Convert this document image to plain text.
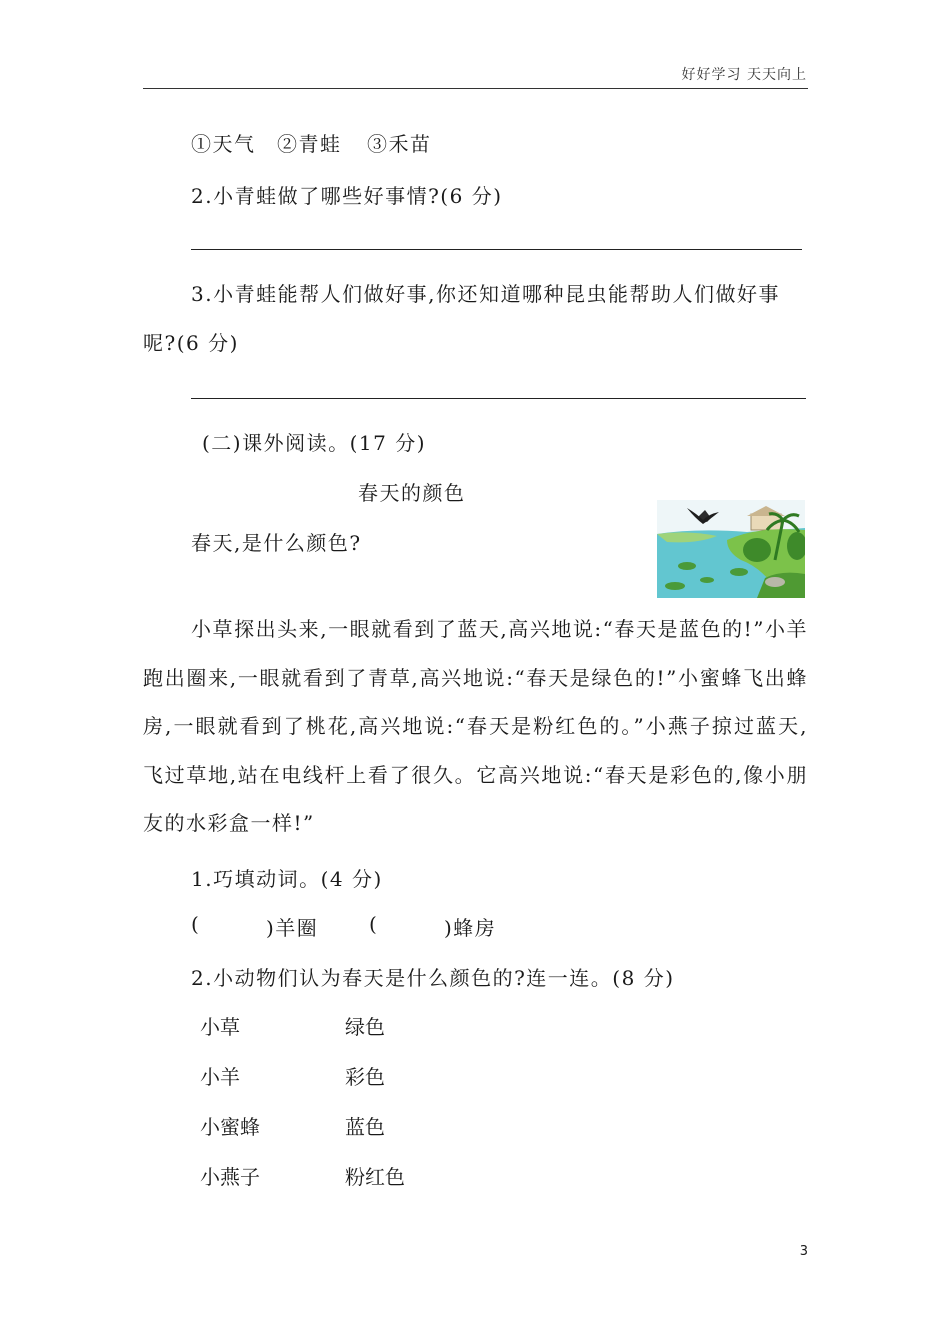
好好学习 天天向上
①天气 ②青蛙 ③禾苗
2.小青蛙做了哪些好事情?(6 分)
3.小青蛙能帮人们做好事,你还知道哪种昆虫能帮助人们做好事
呢?(6 分)
(二)课外阅读。(17 分)
春天的颜色
春天,是什么颜色?
小草探出头来,一眼就看到了蓝天,高兴地说:“春天是蓝色的!”小羊跑出圈来,一眼就看到了青草,高兴地说:“春天是绿色的!”小蜜蜂飞出蜂房,一眼就看到了桃花,高兴地说:“春天是粉红色的。”小燕子掠过蓝天,飞过草地,站在电线杆上看了很久。它高兴地说:“春天是彩色的,像小朋友的水彩盒一样!”
1.巧填动词。(4 分)
(	)羊圈	(	)蜂房
2.小动物们认为春天是什么颜色的?连一连。(8 分)
小草	绿色
小羊	彩色
小蜜蜂	蓝色
小燕子	粉红色
3
